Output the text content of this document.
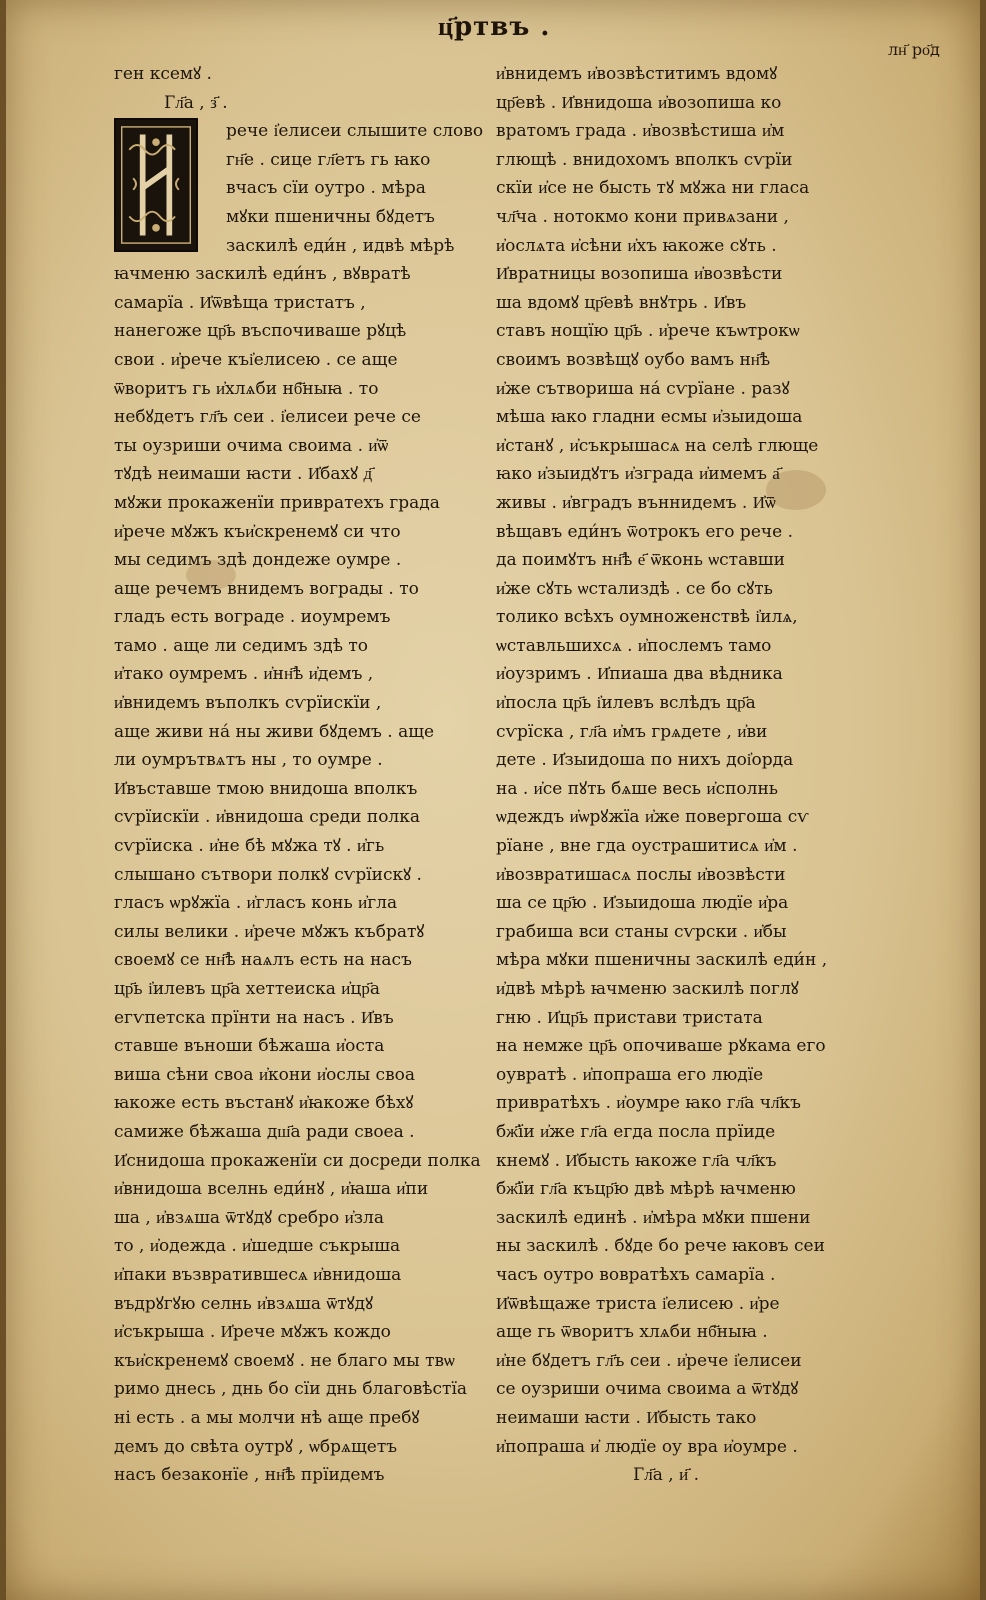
ц҃ртвъ .
лн҃ ро҃д
ген ксемꙋ .
Гл҃а , з҃ .
рече і҆елисеи слышите слово
гн҃е . сице гл҃етъ гь ꙗко
вчасъ сїи оутро . мѣра
мꙋки пшеничны бꙋдетъ
заскилѣ еди́н , идвѣ мѣрѣ
ꙗчменю заскилѣ еди́нъ , вꙋвратѣ
самарїа . И҆ѿвѣща тристатъ ,
нанегоже цр҃ь въспочиваше рꙋцѣ
свои . и҆рече къі҆елисею . се аще
ѿворитъ гь и҆хлѧби нб҃ныꙗ . то
небꙋдетъ гл҃ъ сеи . і҆елисеи рече се
ты оузриши очима своима . и҆ѿ
тꙋдѣ неимаши ꙗсти . И҆бахꙋ д҃
мꙋжи прокаженїи привратехъ града
и҆рече мꙋжъ къи҆скренемꙋ си что
мы седимъ здѣ дондеже оумре .
аще речемъ внидемъ вограды . то
гладъ есть вограде . иоумремъ
тамо . аще ли седимъ здѣ то
и҆тако оумремъ . и҆нн҃ѣ и҆демъ ,
и҆внидемъ въполкъ сѵрїискїи ,
аще живи на́ ны живи бꙋдемъ . аще
ли оумрътвѧтъ ны , то оумре .
И҆въставше тмою внидоша вполкъ
сѵрїискїи . и҆внидоша среди полка
сѵрїиска . и҆не бѣ мꙋжа тꙋ . и҆гь
слышано сътвори полкꙋ сѵрїискꙋ .
гласъ ѡрꙋжїа . и҆гласъ конь и҆гла
силы велики . и҆рече мꙋжъ къбратꙋ
своемꙋ се нн҃ѣ наѧлъ есть на насъ
цр҃ь і҆илевъ цр҃а хеттеиска и҆цр҃а
егѵпетска прїнти на насъ . И҆въ
ставше въноши бѣжаша и҆оста
виша сѣни своа и҆кони и҆ослы своа
ꙗкоже есть въстанꙋ и҆ꙗкоже бѣхꙋ
самиже бѣжаша дш҃а ради своеа .
И҆снидоша прокаженїи си досреди полка
и҆внидоша вселнь еди́нꙋ , и҆ꙗша и҆пи
ша , и҆взѧша ѿтꙋдꙋ сребро и҆зла
то , и҆одежда . и҆шедше съкрыша
и҆паки възвратившесѧ и҆внидоша
въдрꙋгꙋю селнь и҆взѧша ѿтꙋдꙋ
и҆съкрыша . И҆рече мꙋжъ кождо
къи҆скренемꙋ своемꙋ . не благо мы твѡ
римо днесь , днь бо сїи днь благовѣстїа
ні есть . а мы молчи нѣ аще пребꙋ
демъ до свѣта оутрꙋ , ѡбрѧщетъ
насъ безаконїе , нн҃ѣ прїидемъ
и҆внидемъ и҆возвѣститимъ вдомꙋ
цр҃евѣ . И҆внидоша и҆возопиша ко
вратомъ града . и҆возвѣстиша и҆м
глющѣ . внидохомъ вполкъ сѵрїи
скїи и҆се не бысть тꙋ мꙋжа ни гласа
чл҃ча . нотокмо кони привѧзани ,
и҆ослѧта и҆сѣни и҆хъ ꙗкоже сꙋть .
И҆вратницы возопиша и҆возвѣсти
ша вдомꙋ цр҃евѣ внꙋтрь . И҆въ
ставъ нощїю цр҃ь . и҆рече къѡтрокѡ
своимъ возвѣщꙋ оубо вамъ нн҃ѣ
и҆же сътвориша на́ сѵрїане . разꙋ
мѣша ꙗко гладни есмы и҆зыидоша
и҆станꙋ , и҆съкрышасѧ на селѣ глюще
ꙗко и҆зыидꙋтъ и҆зграда и҆имемъ а҃
живы . и҆вградъ въннидемъ . И҆ѿ
вѣщавъ еди́нъ ѿотрокъ его рече .
да поимꙋтъ нн҃ѣ е҃ ѿконь ѡставши
и҆же сꙋть ѡстализдѣ . се бо сꙋть
толико всѣхъ оумноженствѣ і҆илѧ,
ѡставльшихсѧ . и҆послемъ тамо
и҆оузримъ . И҆пиаша два вѣдника
и҆посла цр҃ь і҆илевъ вслѣдъ цр҃а
сѵрїска , гл҃а и҆мъ грѧдете , и҆ви
дете . И҆зыидоша по нихъ доі҆орда
на . и҆се пꙋть бѧше весь и҆сполнь
ѡдеждъ и҆ѡрꙋжїа и҆же повергоша сѵ
рїане , вне гда оустрашитисѧ и҆м .
и҆возвратишасѧ послы и҆возвѣсти
ша се цр҃ю . И҆зыидоша людїе и҆ра
грабиша вси станы сѵрски . и҆бы
мѣра мꙋки пшеничны заскилѣ еди́н ,
и҆двѣ мѣрѣ ꙗчменю заскилѣ поглꙋ
гню . И҆цр҃ь пристави тристата
на немже цр҃ь опочиваше рꙋкама его
оувратѣ . и҆попраша его людїе
привратѣхъ . и҆оумре ꙗко гл҃а чл҃къ
бж҃їи и҆же гл҃а егда посла прїиде
кнемꙋ . И҆бысть ꙗкоже гл҃а чл҃къ
бж҃їи гл҃а къцр҃ю двѣ мѣрѣ ꙗчменю
заскилѣ единѣ . и҆мѣра мꙋки пшени
ны заскилѣ . бꙋде бо рече ꙗковъ сеи
часъ оутро вовратѣхъ самарїа .
И҆ѿвѣщаже триста і҆елисею . и҆ре
аще гь ѿворитъ хлѧби нб҃ныꙗ .
и҆не бꙋдетъ гл҃ъ сеи . и҆рече і҆елисеи
се оузриши очима своима а ѿтꙋдꙋ
неимаши ꙗсти . И҆бысть тако
и҆попраша и҆ людїе оу вра и҆оумре .
Гл҃а , и҃ .
